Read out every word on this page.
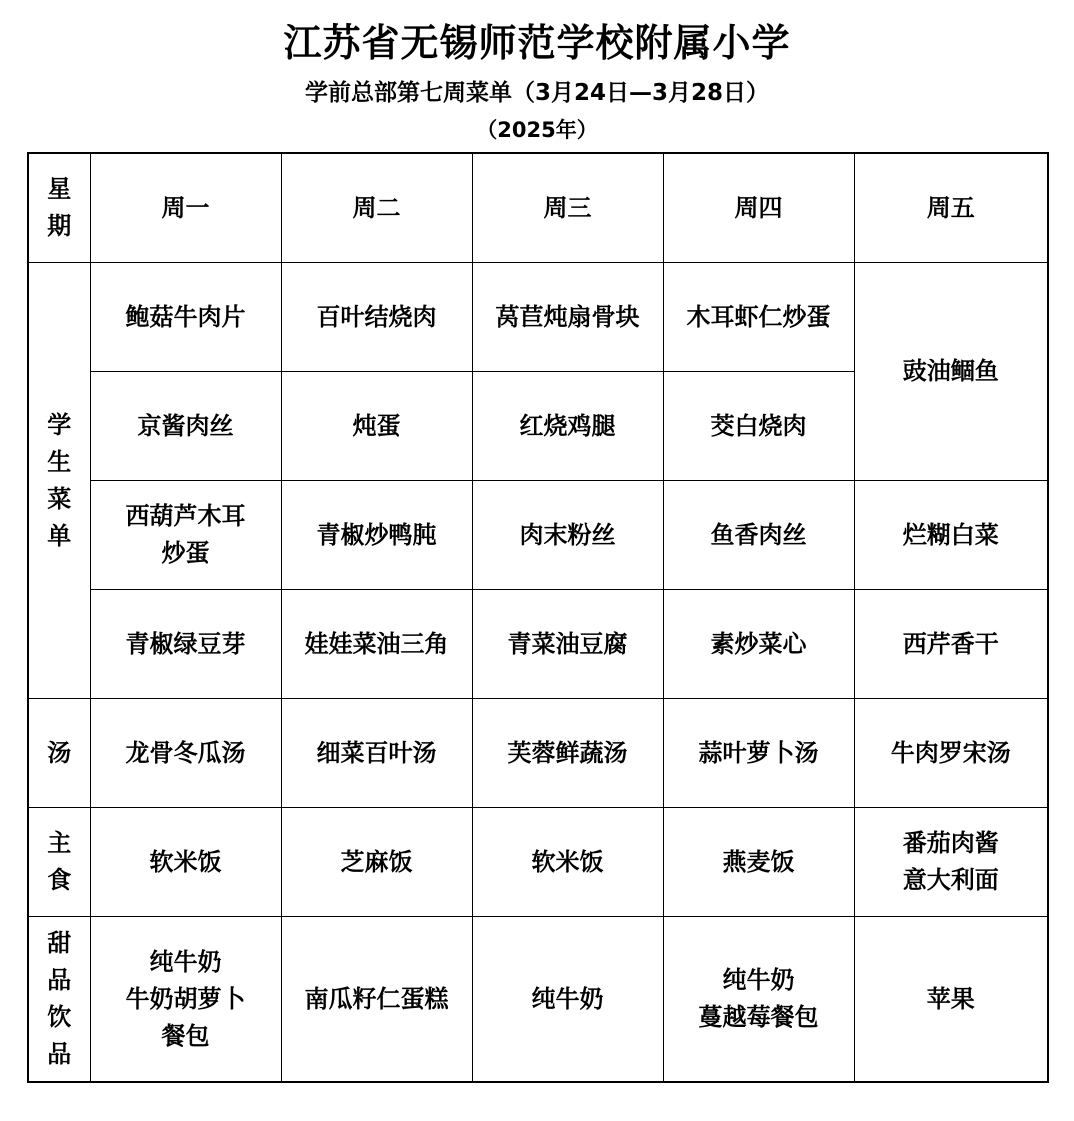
江苏省无锡师范学校附属小学
学前总部第七周菜单（3月24日—3月28日）
（2025年）
星期	周一	周二	周三	周四	周五

学生菜单	鲍菇牛肉片	百叶结烧肉	莴苣炖扇骨块	木耳虾仁炒蛋	豉油鲴鱼
	京酱肉丝	炖蛋	红烧鸡腿	茭白烧肉	

	西葫芦木耳
炒蛋	青椒炒鸭肫	肉末粉丝	鱼香肉丝	烂糊白菜

	青椒绿豆芽	娃娃菜油三角	青菜油豆腐	素炒菜心	西芹香干

汤	龙骨冬瓜汤	细菜百叶汤	芙蓉鲜蔬汤	蒜叶萝卜汤	牛肉罗宋汤

主食	软米饭	芝麻饭	软米饭	燕麦饭	番茄肉酱
意大利面

甜品饮品	纯牛奶
牛奶胡萝卜
餐包	南瓜籽仁蛋糕	纯牛奶	纯牛奶
蔓越莓餐包	苹果
